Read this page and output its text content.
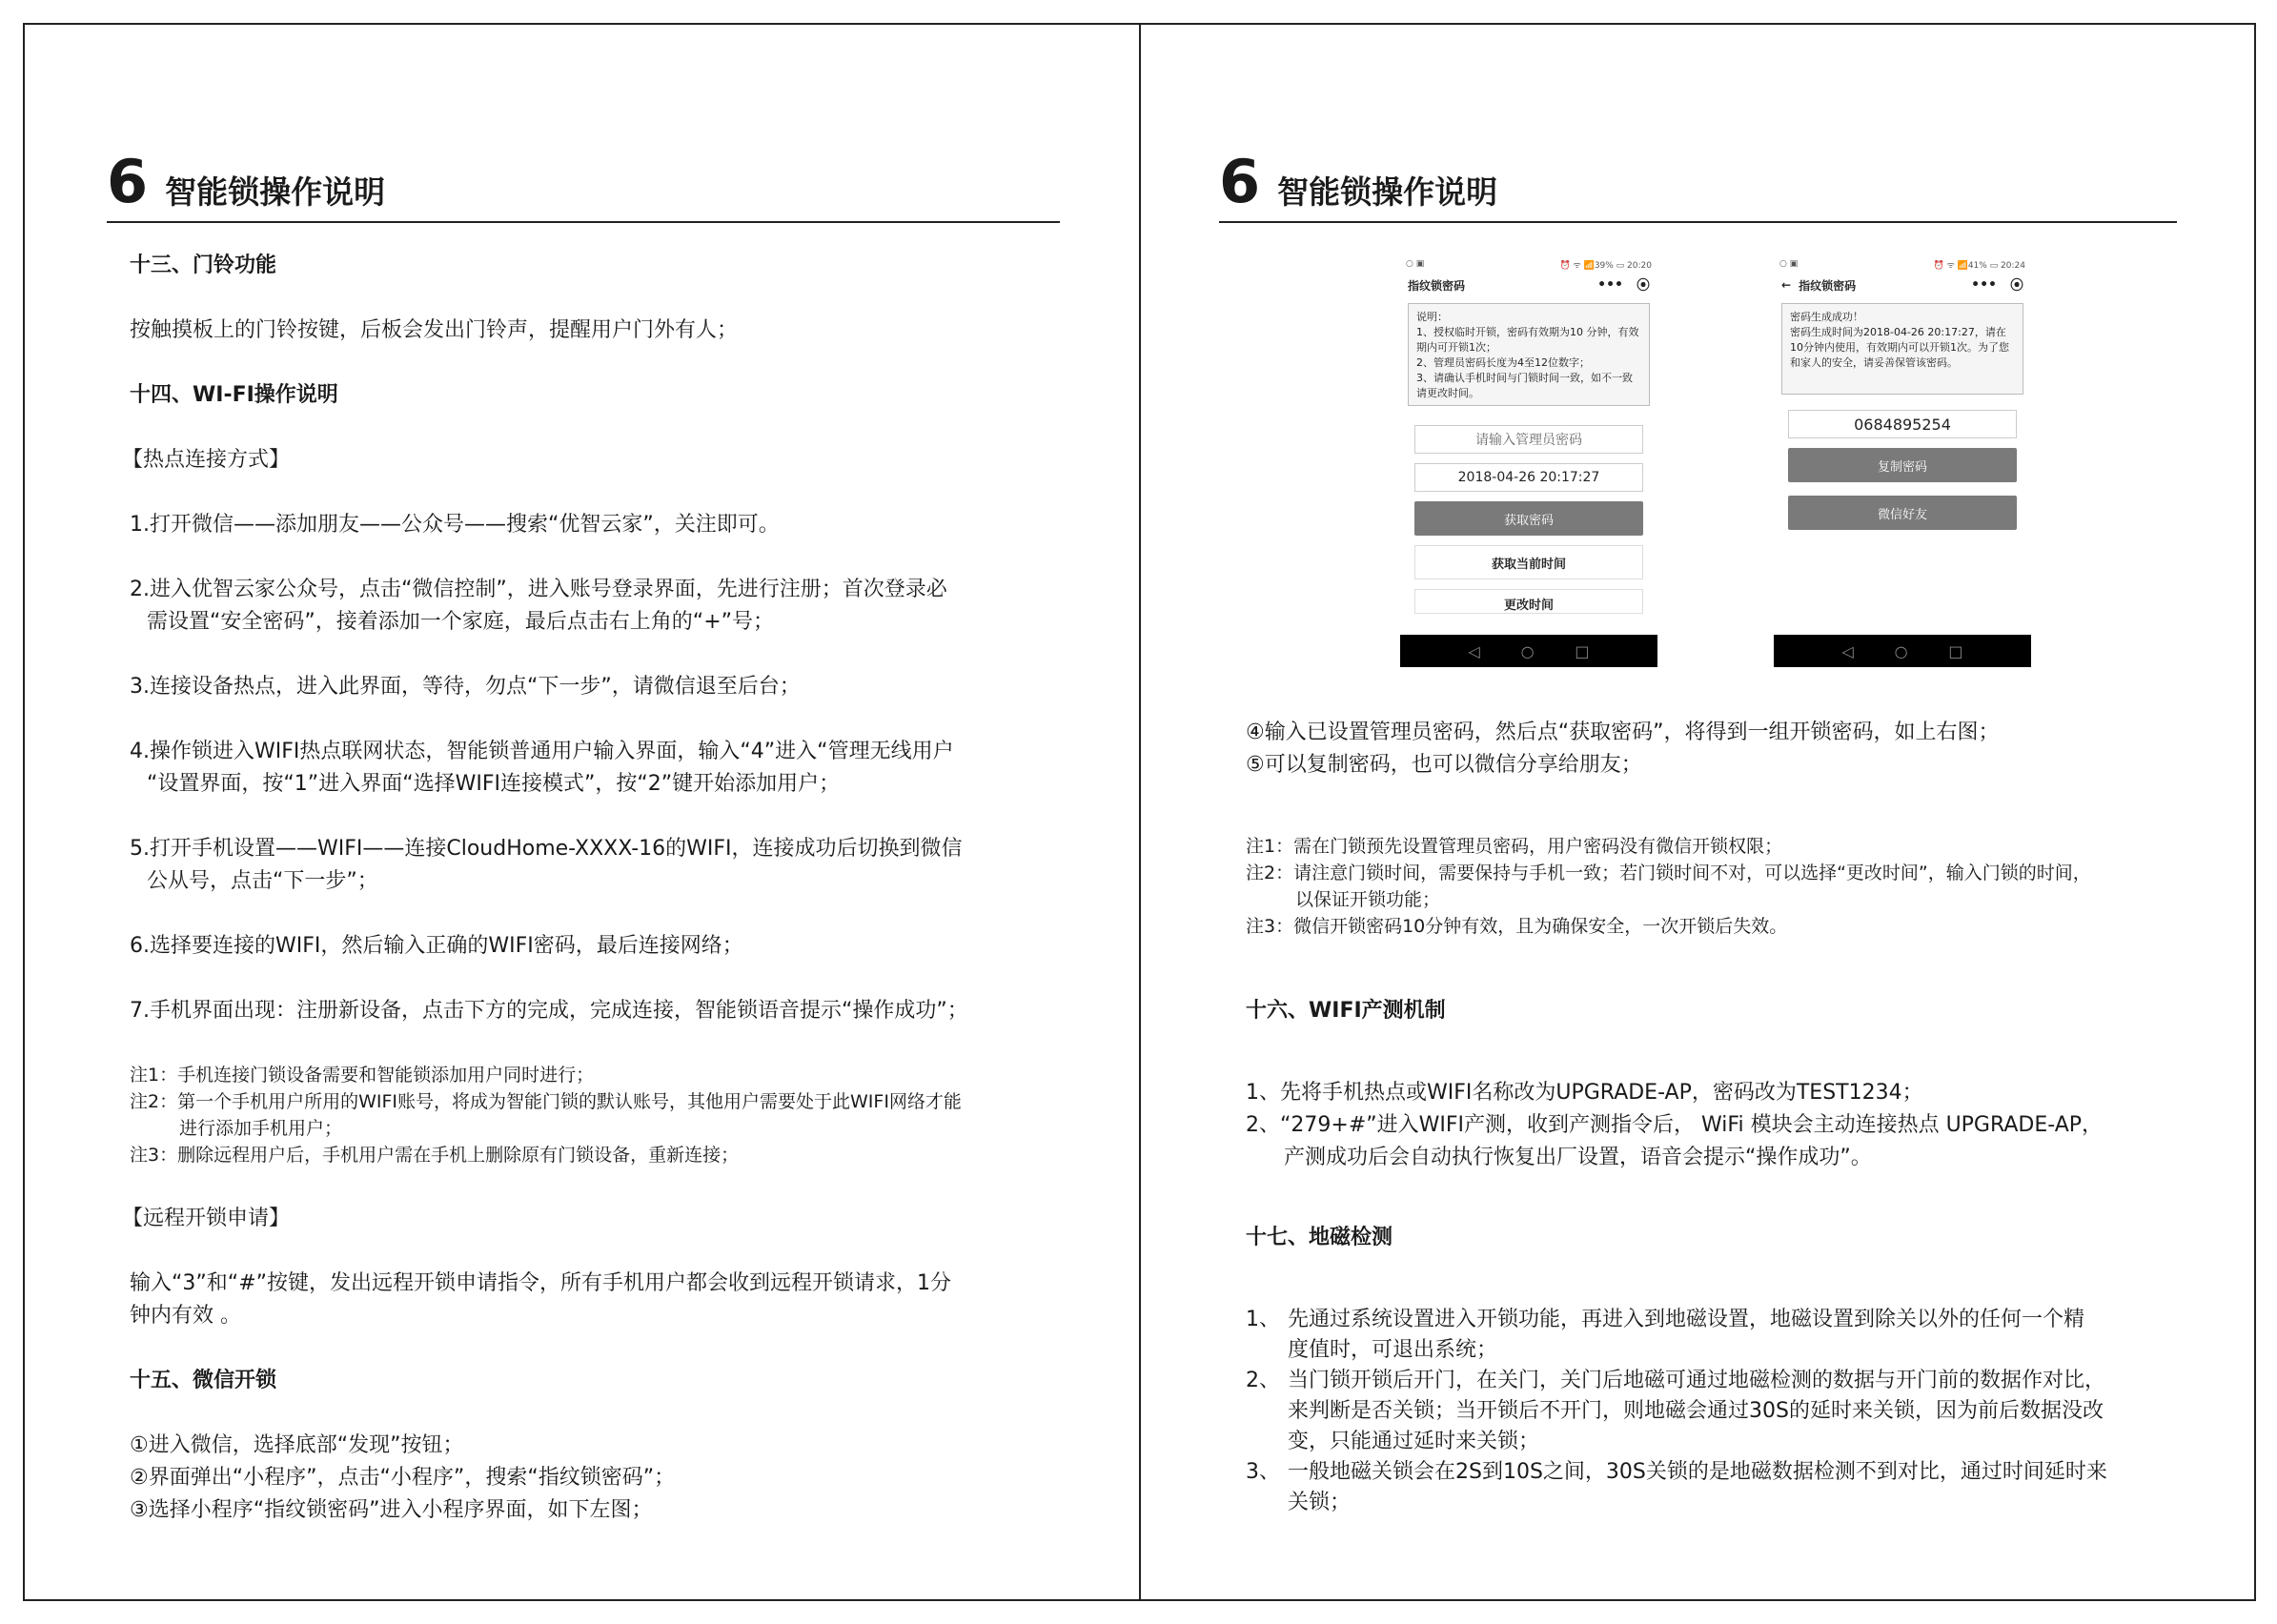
6 智能锁操作说明
十三、门铃功能
按触摸板上的门铃按键，后板会发出门铃声，提醒用户门外有人；
十四、WI-FI操作说明
【热点连接方式】
1.打开微信——添加朋友——公众号——搜索“优智云家”，关注即可。
2.进入优智云家公众号，点击“微信控制”，进入账号登录界面，先进行注册；首次登录必
需设置“安全密码”，接着添加一个家庭，最后点击右上角的“+”号；
3.连接设备热点，进入此界面，等待，勿点“下一步”，请微信退至后台；
4.操作锁进入WIFI热点联网状态，智能锁普通用户输入界面，输入“4”进入“管理无线用户
“设置界面，按“1”进入界面“选择WIFI连接模式”，按“2”键开始添加用户；
5.打开手机设置——WIFI——连接CloudHome-XXXX-16的WIFI，连接成功后切换到微信
公从号，点击“下一步”；
6.选择要连接的WIFI，然后输入正确的WIFI密码，最后连接网络；
7.手机界面出现：注册新设备，点击下方的完成，完成连接，智能锁语音提示“操作成功”；
注1：手机连接门锁设备需要和智能锁添加用户同时进行；
注2：第一个手机用户所用的WIFI账号，将成为智能门锁的默认账号，其他用户需要处于此WIFI网络才能
进行添加手机用户；
注3：删除远程用户后，手机用户需在手机上删除原有门锁设备，重新连接；
【远程开锁申请】
输入“3”和“#”按键，发出远程开锁申请指令，所有手机用户都会收到远程开锁请求，1分
钟内有效 。
十五、微信开锁
①进入微信，选择底部“发现”按钮；
②界面弹出“小程序”，点击“小程序”，搜索“指纹锁密码”；
③选择小程序“指纹锁密码”进入小程序界面，如下左图；
6 智能锁操作说明
○ ▣	⏰ ᯤ 📶39% ▭ 20:20
指纹锁密码	••• ⦿
说明：
1、授权临时开锁，密码有效期为10 分钟，有效期内可开锁1次；
2、管理员密码长度为4至12位数字；
3、请确认手机时间与门锁时间一致，如不一致请更改时间。
请输入管理员密码
2018-04-26 20:17:27
获取密码
获取当前时间
更改时间
◁	○	□
○ ▣	⏰ ᯤ 📶41% ▭ 20:24
← 指纹锁密码	••• ⦿
密码生成成功！
密码生成时间为2018-04-26 20:17:27，请在10分钟内使用，有效期内可以开锁1次。为了您和家人的安全，请妥善保管该密码。
0684895254
复制密码
微信好友
◁	○	□
④输入已设置管理员密码，然后点“获取密码”，将得到一组开锁密码，如上右图；
⑤可以复制密码，也可以微信分享给朋友；
注1：需在门锁预先设置管理员密码，用户密码没有微信开锁权限；
注2：请注意门锁时间，需要保持与手机一致；若门锁时间不对，可以选择“更改时间”，输入门锁的时间，
以保证开锁功能；
注3：微信开锁密码10分钟有效，且为确保安全，一次开锁后失效。
十六、WIFI产测机制
1、先将手机热点或WIFI名称改为UPGRADE-AP，密码改为TEST1234；
2、“279+#”进入WIFI产测，收到产测指令后， WiFi 模块会主动连接热点 UPGRADE-AP，
产测成功后会自动执行恢复出厂设置，语音会提示“操作成功”。
十七、地磁检测
1、 先通过系统设置进入开锁功能，再进入到地磁设置，地磁设置到除关以外的任何一个精
度值时，可退出系统；
2、 当门锁开锁后开门，在关门，关门后地磁可通过地磁检测的数据与开门前的数据作对比，
来判断是否关锁；当开锁后不开门，则地磁会通过30S的延时来关锁，因为前后数据没改
变，只能通过延时来关锁；
3、 一般地磁关锁会在2S到10S之间，30S关锁的是地磁数据检测不到对比，通过时间延时来
关锁；
